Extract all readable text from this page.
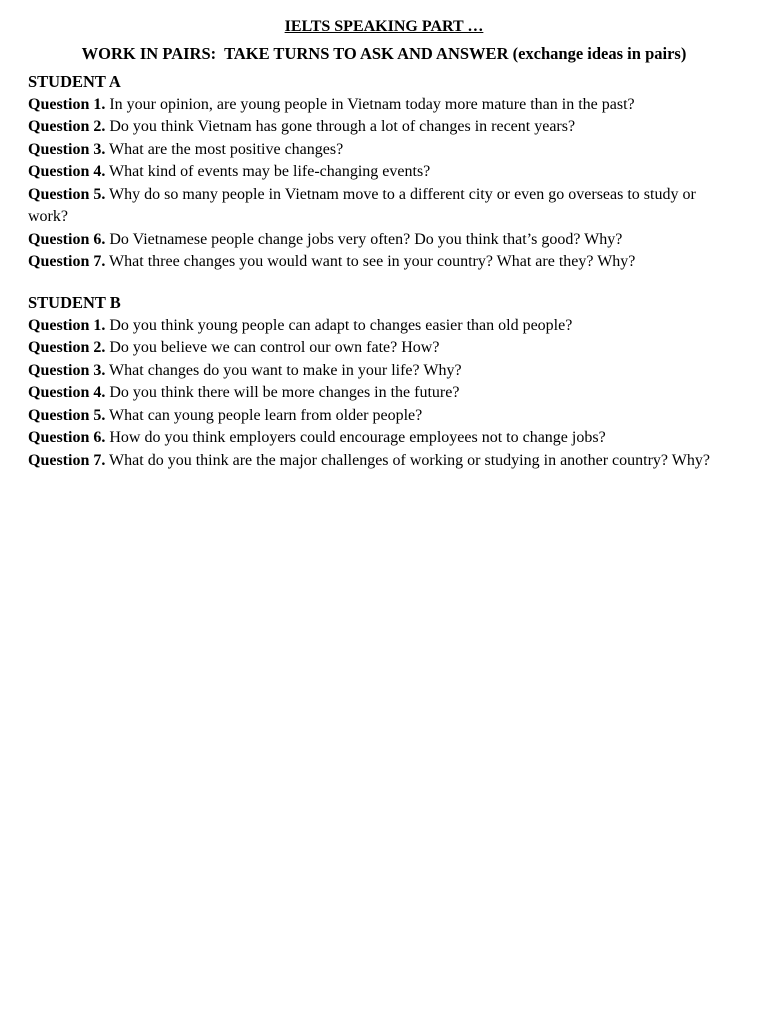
IELTS SPEAKING PART …
WORK IN PAIRS:  TAKE TURNS TO ASK AND ANSWER (exchange ideas in pairs)
STUDENT A
Question 1. In your opinion, are young people in Vietnam today more mature than in the past?
Question 2. Do you think Vietnam has gone through a lot of changes in recent years?
Question 3. What are the most positive changes?
Question 4. What kind of events may be life-changing events?
Question 5. Why do so many people in Vietnam move to a different city or even go overseas to study or work?
Question 6. Do Vietnamese people change jobs very often? Do you think that’s good? Why?
Question 7. What three changes you would want to see in your country? What are they? Why?
STUDENT B
Question 1. Do you think young people can adapt to changes easier than old people?
Question 2. Do you believe we can control our own fate? How?
Question 3. What changes do you want to make in your life? Why?
Question 4. Do you think there will be more changes in the future?
Question 5. What can young people learn from older people?
Question 6. How do you think employers could encourage employees not to change jobs?
Question 7. What do you think are the major challenges of working or studying in another country? Why?
